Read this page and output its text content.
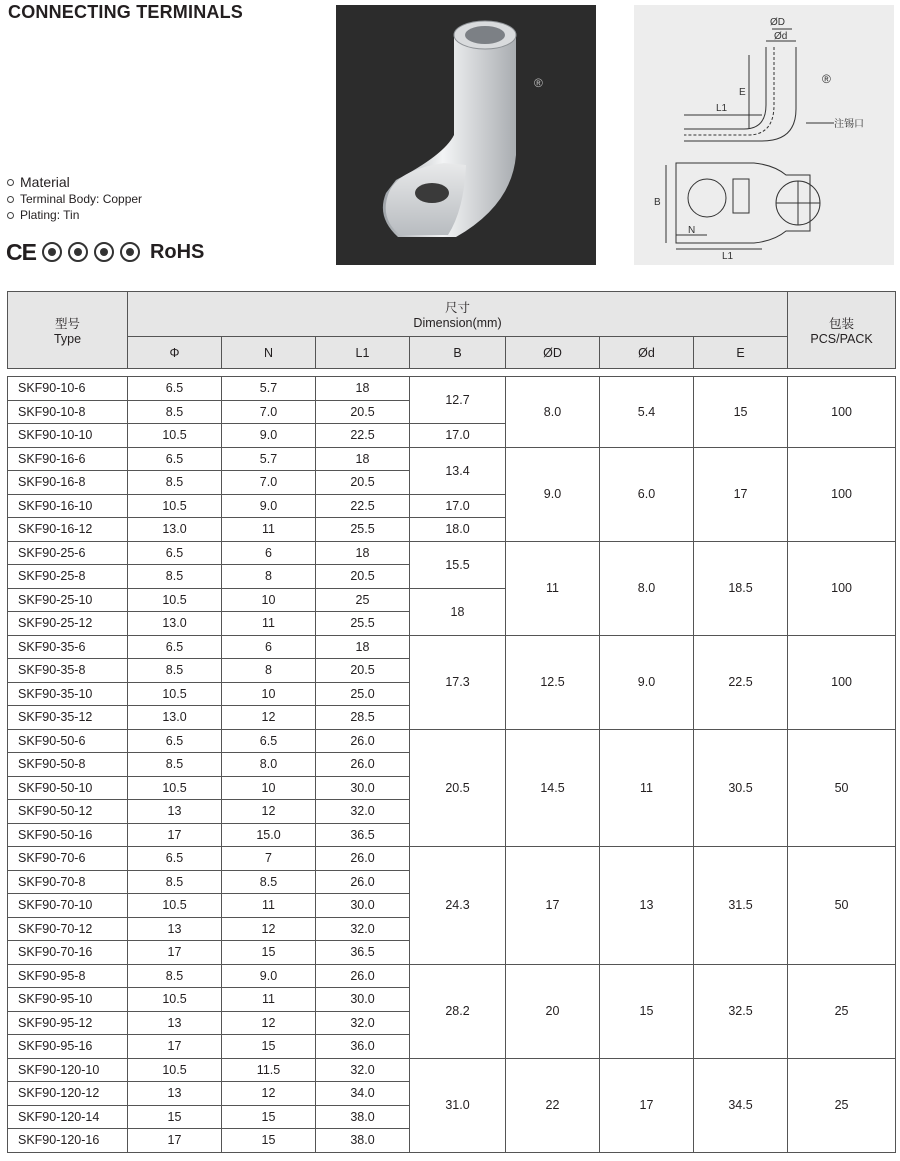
CONNECTING TERMINALS
Material
Terminal Body: Copper
Plating: Tin
CE	RoHS
®
ØD
Ød
L1
E
注锡口
B
N
L1
®
型号
Type	尺寸
Dimension(mm)							包装
PCS/PACK
	Φ	N	L1	B	ØD	Ød	E	

SKF90-10-6	6.5	5.7	18	12.7	8.0	5.4	15	100
SKF90-10-8	8.5	7.0	20.5					
SKF90-10-10	10.5	9.0	22.5	17.0				
SKF90-16-6	6.5	5.7	18	13.4	9.0	6.0	17	100
SKF90-16-8	8.5	7.0	20.5					
SKF90-16-10	10.5	9.0	22.5	17.0				
SKF90-16-12	13.0	11	25.5	18.0				
SKF90-25-6	6.5	6	18	15.5	11	8.0	18.5	100
SKF90-25-8	8.5	8	20.5					
SKF90-25-10	10.5	10	25	18				
SKF90-25-12	13.0	11	25.5					
SKF90-35-6	6.5	6	18	17.3	12.5	9.0	22.5	100
SKF90-35-8	8.5	8	20.5					
SKF90-35-10	10.5	10	25.0					
SKF90-35-12	13.0	12	28.5					
SKF90-50-6	6.5	6.5	26.0	20.5	14.5	11	30.5	50
SKF90-50-8	8.5	8.0	26.0					
SKF90-50-10	10.5	10	30.0					
SKF90-50-12	13	12	32.0					
SKF90-50-16	17	15.0	36.5					
SKF90-70-6	6.5	7	26.0	24.3	17	13	31.5	50
SKF90-70-8	8.5	8.5	26.0					
SKF90-70-10	10.5	11	30.0					
SKF90-70-12	13	12	32.0					
SKF90-70-16	17	15	36.5					
SKF90-95-8	8.5	9.0	26.0	28.2	20	15	32.5	25
SKF90-95-10	10.5	11	30.0					
SKF90-95-12	13	12	32.0					
SKF90-95-16	17	15	36.0					
SKF90-120-10	10.5	11.5	32.0	31.0	22	17	34.5	25
SKF90-120-12	13	12	34.0					
SKF90-120-14	15	15	38.0					
SKF90-120-16	17	15	38.0					
